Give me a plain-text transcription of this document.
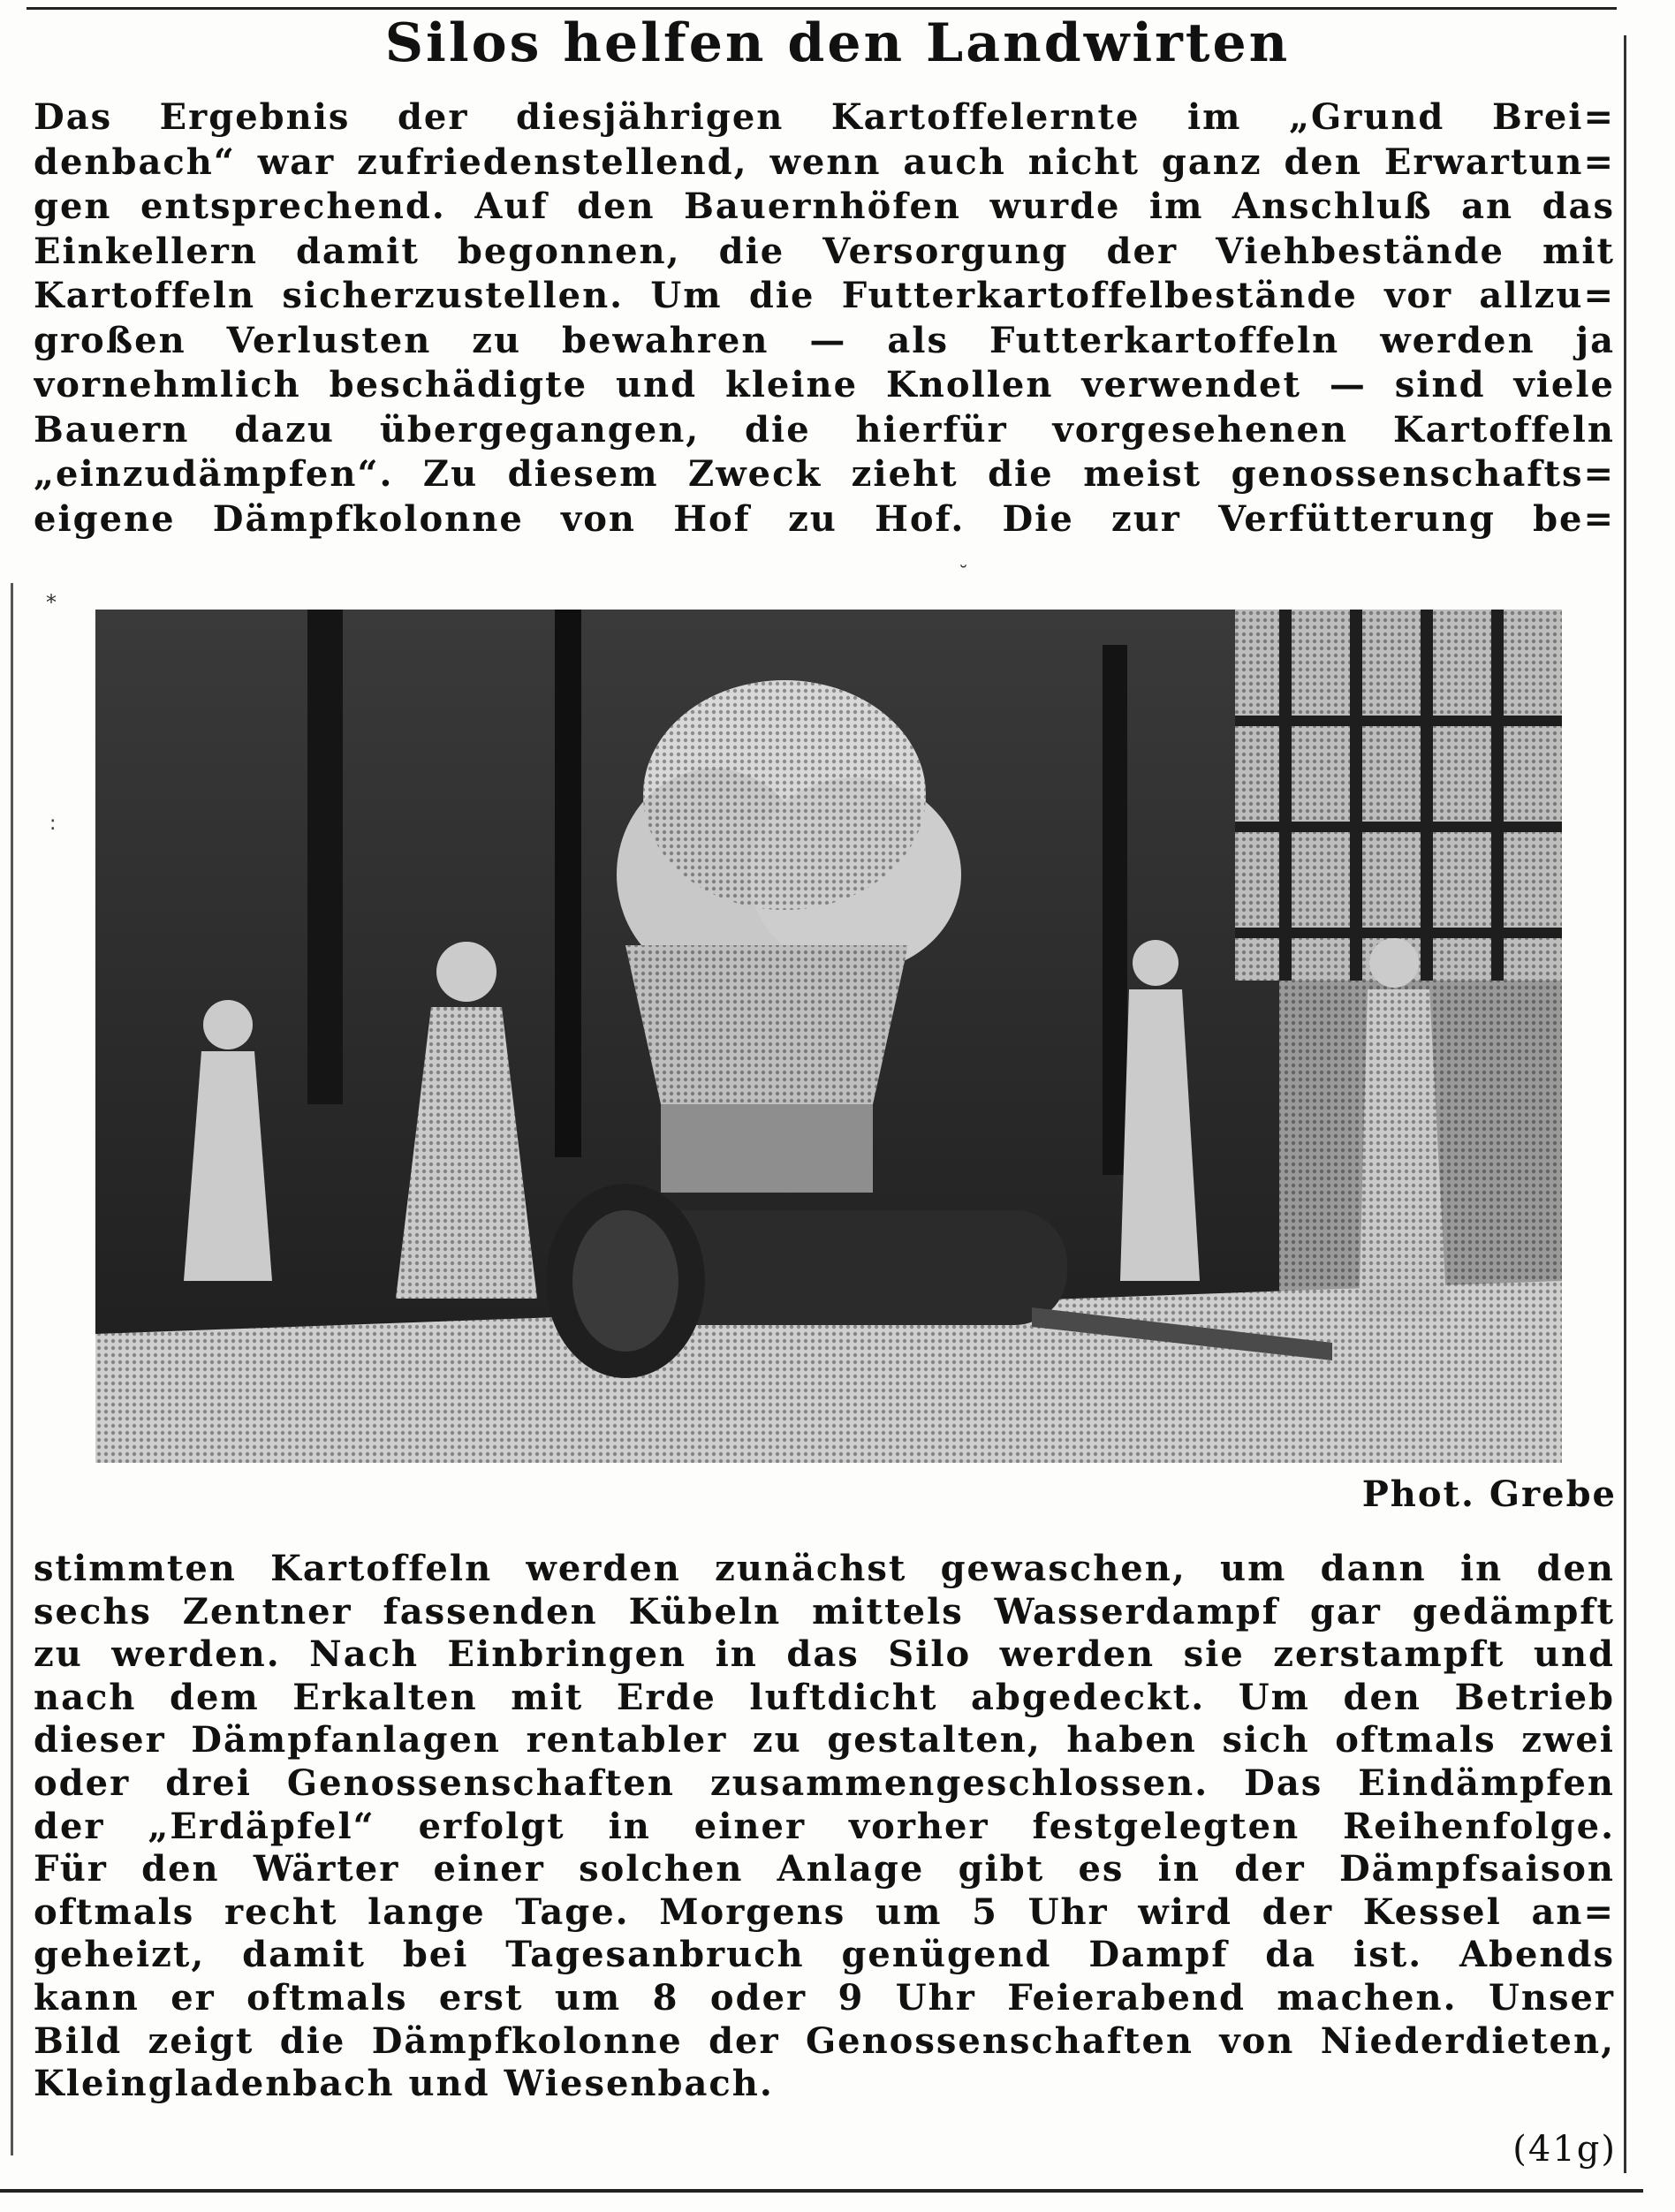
Silos helfen den Landwirten
Das Ergebnis der diesjährigen Kartoffelernte im „Grund Brei=
denbach“ war zufriedenstellend, wenn auch nicht ganz den Erwartun=
gen entsprechend. Auf den Bauernhöfen wurde im Anschluß an das
Einkellern damit begonnen, die Versorgung der Viehbestände mit
Kartoffeln sicherzustellen. Um die Futterkartoffelbestände vor allzu=
großen Verlusten zu bewahren — als Futterkartoffeln werden ja
vornehmlich beschädigte und kleine Knollen verwendet — sind viele
Bauern dazu übergegangen, die hierfür vorgesehenen Kartoffeln
„einzudämpfen“. Zu diesem Zweck zieht die meist genossenschafts=
eigene Dämpfkolonne von Hof zu Hof. Die zur Verfütterung be=
˘
*
:
Phot. Grebe
stimmten Kartoffeln werden zunächst gewaschen, um dann in den
sechs Zentner fassenden Kübeln mittels Wasserdampf gar gedämpft
zu werden. Nach Einbringen in das Silo werden sie zerstampft und
nach dem Erkalten mit Erde luftdicht abgedeckt. Um den Betrieb
dieser Dämpfanlagen rentabler zu gestalten, haben sich oftmals zwei
oder drei Genossenschaften zusammengeschlossen. Das Eindämpfen
der „Erdäpfel“ erfolgt in einer vorher festgelegten Reihenfolge.
Für den Wärter einer solchen Anlage gibt es in der Dämpfsaison
oftmals recht lange Tage. Morgens um 5 Uhr wird der Kessel an=
geheizt, damit bei Tagesanbruch genügend Dampf da ist. Abends
kann er oftmals erst um 8 oder 9 Uhr Feierabend machen. Unser
Bild zeigt die Dämpfkolonne der Genossenschaften von Niederdieten,
Kleingladenbach und Wiesenbach.
(41g)
